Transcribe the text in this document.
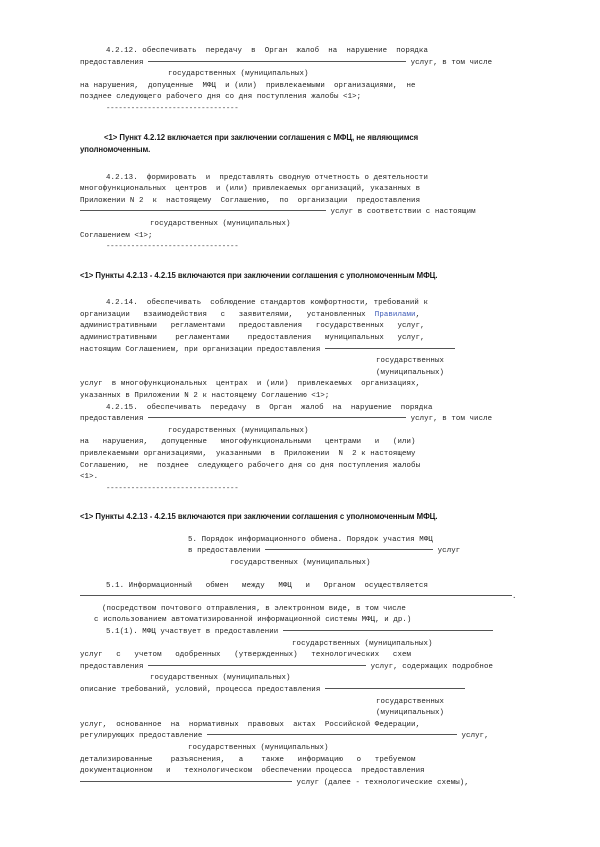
4.2.12. обеспечивать  передачу  в  Орган  жалоб  на  нарушение  порядка
предоставления	услуг, в том числе
государственных (муниципальных)
на нарушения,  допущенные  МФЦ  и (или)  привлекаемыми  организациями,  не
позднее следующего рабочего дня со дня поступления жалобы <1>;
--------------------------------
<1> Пункт 4.2.12 включается при заключении соглашения с МФЦ, не являющимся
уполномоченным.
4.2.13.  формировать  и  представлять сводную отчетность о деятельности
многофункциональных  центров  и (или) привлекаемых организаций, указанных в
Приложении N 2  к  настоящему  Соглашению,  по  организации  предоставления
услуг в соответствии с настоящим
государственных (муниципальных)
Соглашением <1>;
--------------------------------
<1> Пункты 4.2.13 - 4.2.15 включаются при заключении соглашения с уполномоченным МФЦ.
4.2.14.  обеспечивать  соблюдение стандартов комфортности, требований к
организации   взаимодействия   с   заявителями,   установленных  Правилами,
административными   регламентами   предоставления   государственных   услуг,
административными    регламентами    предоставления   муниципальных   услуг,
настоящим Соглашением, при организации предоставления
государственных
(муниципальных)
услуг  в многофункциональных  центрах  и (или)  привлекаемых  организациях,
указанных в Приложении N 2 к настоящему Соглашению <1>;
4.2.15.  обеспечивать  передачу  в  Орган  жалоб  на  нарушение  порядка
предоставления	услуг, в том числе
государственных (муниципальных)
на   нарушения,   допущенные   многофункциональными   центрами   и   (или)
привлекаемыми организациями,  указанными  в  Приложении  N  2 к настоящему
Соглашению,  не  позднее  следующего рабочего дня со дня поступления жалобы
<1>.
--------------------------------
<1> Пункты 4.2.13 - 4.2.15 включаются при заключении соглашения с уполномоченным МФЦ.
5. Порядок информационного обмена. Порядок участия МФЦ
в предоставлении	услуг
государственных (муниципальных)
5.1. Информационный   обмен   между   МФЦ   и   Органом  осуществляется
.
(посредством почтового отправления, в электронном виде, в том числе
с использованием автоматизированной информационной системы МФЦ, и др.)
5.1(1). МФЦ участвует в предоставлении
государственных (муниципальных)
услуг   с   учетом   одобренных   (утвержденных)   технологических   схем
предоставления	услуг, содержащих подробное
государственных (муниципальных)
описание требований, условий, процесса предоставления
государственных
(муниципальных)
услуг,  основанное  на  нормативных  правовых  актах  Российской Федерации,
регулирующих предоставление	услуг,
государственных (муниципальных)
детализированные    разъяснения,   а    также   информацию   о   требуемом
документационном   и   технологическом  обеспечении процесса  предоставления
услуг (далее - технологические схемы),
